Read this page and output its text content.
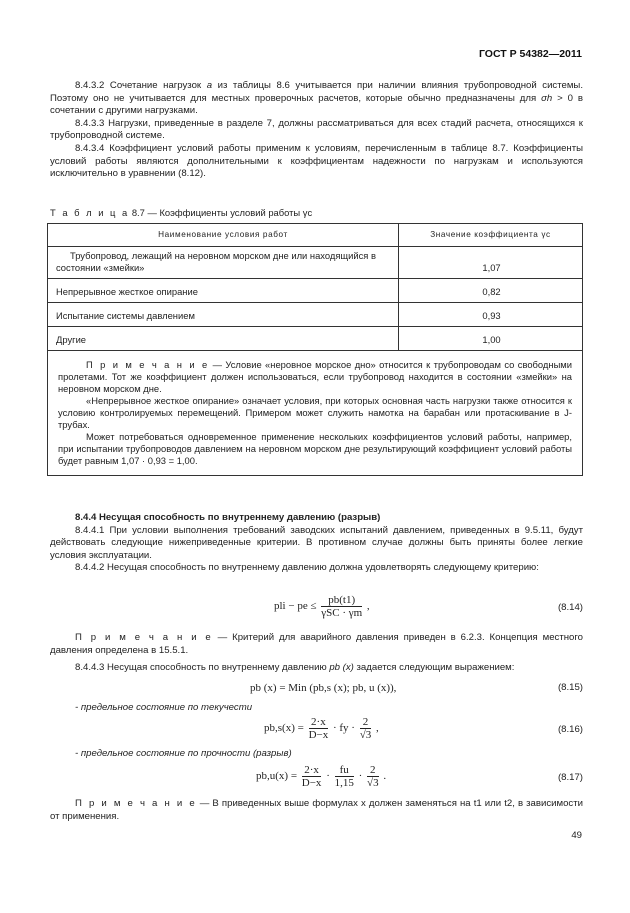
ГОСТ Р 54382—2011

8.4.3.2 Сочетание нагрузок а из таблицы 8.6 учитывается при наличии влияния трубопроводной системы. Поэтому оно не учитывается для местных проверочных расчетов, которые обычно предназначены для σh > 0 в сочетании с другими нагрузками.

8.4.3.3 Нагрузки, приведенные в разделе 7, должны рассматриваться для всех стадий расчета, относящихся к трубопроводной системе.

8.4.3.4 Коэффициент условий работы применим к условиям, перечисленным в таблице 8.7. Коэффициенты условий работы являются дополнительными к коэффициентам надежности по нагрузкам и используются исключительно в уравнении (8.12).

Т а б л и ц а 8.7 — Коэффициенты условий работы γc
Наименование условия работ	Значение коэффициента γc
Трубопровод, лежащий на неровном морском дне или находящийся в состоянии «змейки»	1,07
Непрерывное жесткое опирание	0,82
Испытание системы давлением	0,93
Другие	1,00

П р и м е ч а н и е — Условие «неровное морское дно» относится к трубопроводам со свободными пролетами. Тот же коэффициент должен использоваться, если трубопровод находится в состоянии «змейки» на неровном морском дне.

«Непрерывное жесткое опирание» означает условия, при которых основная часть нагрузки также относится к условию контролируемых перемещений. Примером может служить намотка на барабан или протаскивание в J-трубах.

Может потребоваться одновременное применение нескольких коэффициентов условий работы, например, при испытании трубопроводов давлением на неровном морском дне результирующий коэффициент условий работы будет равным 1,07 · 0,93 = 1,00.	

8.4.4 Несущая способность по внутреннему давлению (разрыв)

8.4.4.1 При условии выполнения требований заводских испытаний давлением, приведенных в 9.5.11, будут действовать следующие нижеприведенные критерии. В противном случае должны быть приняты более легкие условия эксплуатации.

8.4.4.2 Несущая способность по внутреннему давлению должна удовлетворять следующему критерию:

pli − pe ≤ $\frac{pb(t1)}{\text{γSC · γm}}$ ,	(8.14)

П р и м е ч а н и е — Критерий для аварийного давления приведен в 6.2.3. Концепция местного давления определена в 15.5.1.

8.4.4.3 Несущая способность по внутреннему давлению pb (x) задается следующим выражением:

pb (x) = Min (pb,s (x); pb, u (x)),	(8.15)

- предельное состояние по текучести

$pb,s(x) = \frac{2\cdot x}{D-x}$ · fy · $\frac{2}{√3}$ ,	(8.16)

- предельное состояние по прочности (разрыв)

$pb,u(x) = \frac{2\cdot x}{D-x} \cdot \frac{fu}{1,15} \cdot \frac{2}{√3}$ .	(8.17)

П р и м е ч а н и е — В приведенных выше формулах x должен заменяться на t1 или t2, в зависимости от применения.

49
